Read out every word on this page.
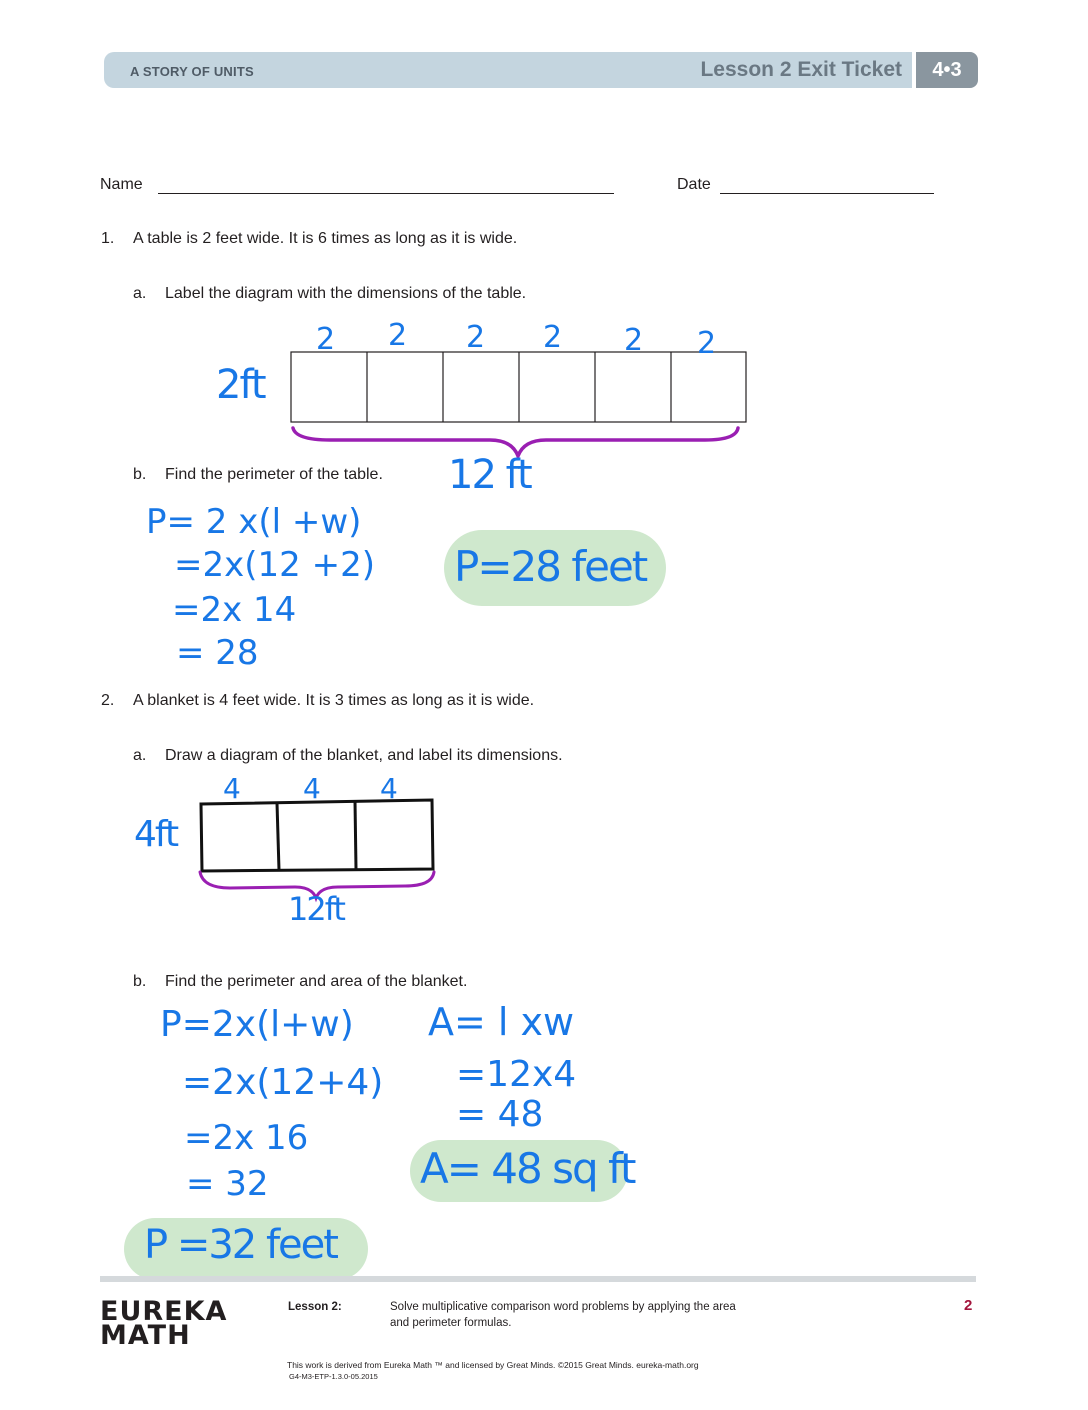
A STORY OF UNITS	Lesson 2 Exit Ticket	4•3
Name	Date
1. A table is 2 feet wide. It is 6 times as long as it is wide.
a. Label the diagram with the dimensions of the table.
b. Find the perimeter of the table.
2. A blanket is 4 feet wide. It is 3 times as long as it is wide.
a. Draw a diagram of the blanket, and label its dimensions.
b. Find the perimeter and area of the blanket.
2 2 2 2 2 2
2ft
12 ft
P= 2 x(l +w)
=2x(12 +2)
=2x 14
= 28
P=28 feet
4 4 4
4ft
12ft
P=2x(l+w)
=2x(12+4)
=2x 16
= 32
P =32 feet
A= l xw
=12x4
= 48
A= 48 sq ft
EUREKA
MATH
Lesson 2:	Solve multiplicative comparison word problems by applying the area
and perimeter formulas.
2
This work is derived from Eureka Math ™ and licensed by Great Minds. ©2015 Great Minds. eureka-math.org
G4-M3-ETP-1.3.0-05.2015
